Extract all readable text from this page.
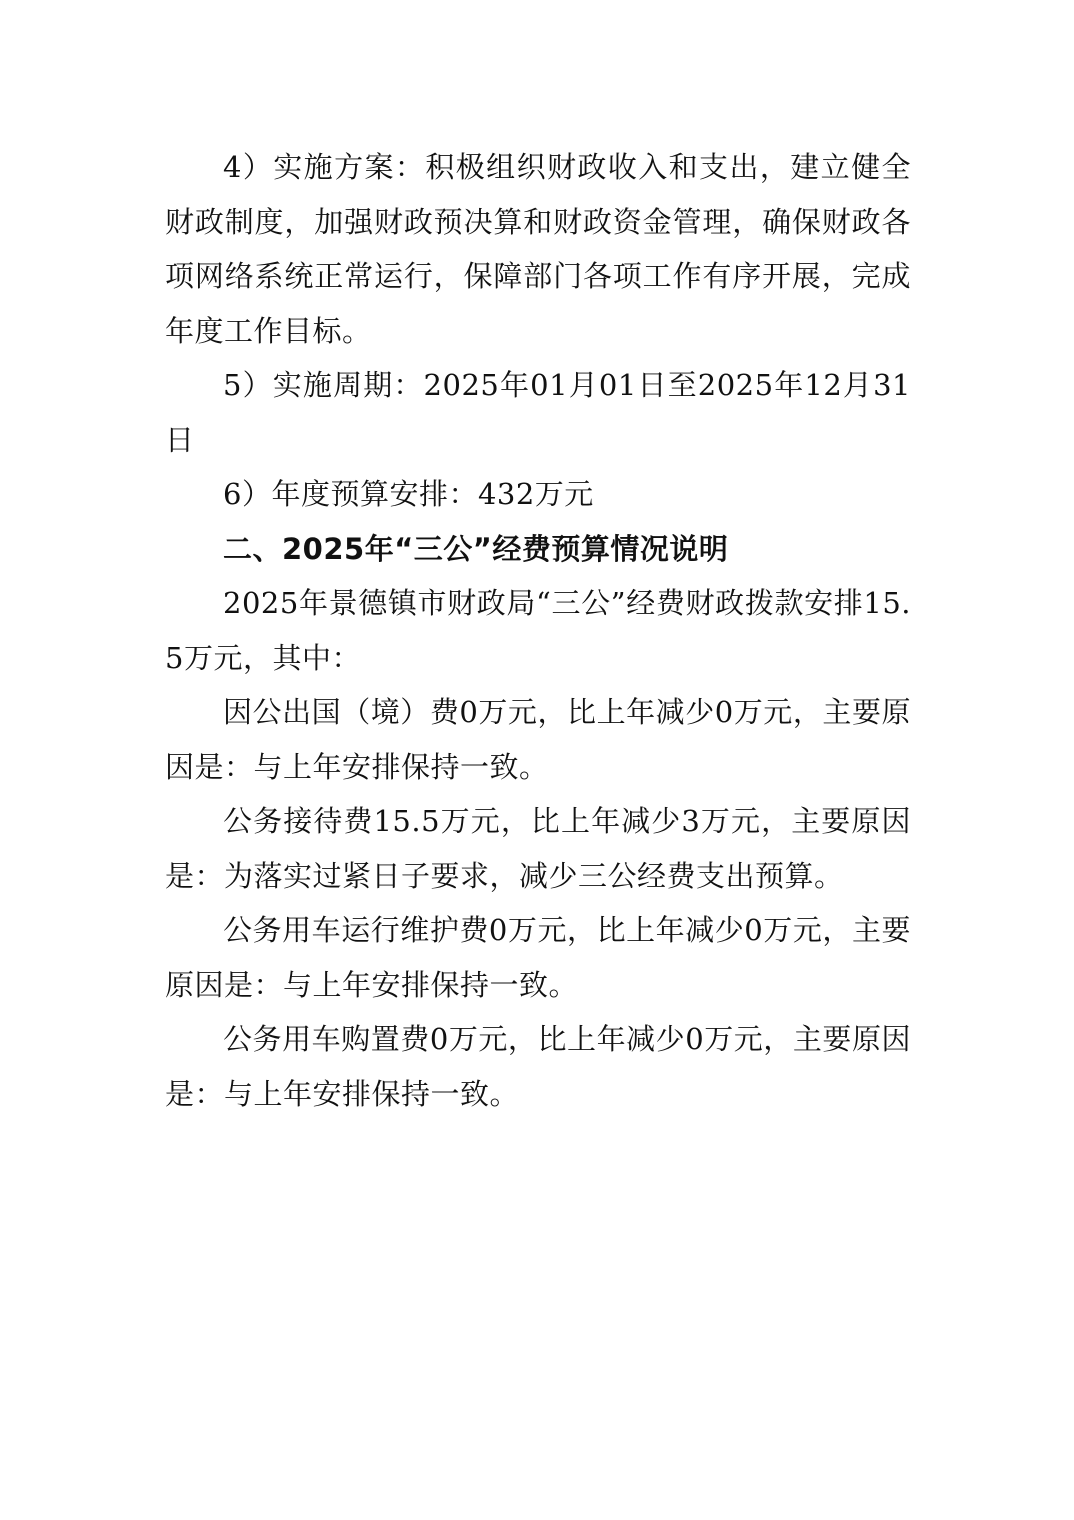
4）实施方案：积极组织财政收入和支出，建立健全财政制度，加强财政预决算和财政资金管理，确保财政各项网络系统正常运行，保障部门各项工作有序开展，完成年度工作目标。

5）实施周期：2025年01月01日至2025年12月31日

6）年度预算安排：432万元

二、2025年“三公”经费预算情况说明

2025年景德镇市财政局“三公”经费财政拨款安排15.5万元，其中：

因公出国（境）费0万元，比上年减少0万元，主要原因是：与上年安排保持一致。

公务接待费15.5万元，比上年减少3万元，主要原因是：为落实过紧日子要求，减少三公经费支出预算。

公务用车运行维护费0万元，比上年减少0万元，主要原因是：与上年安排保持一致。

公务用车购置费0万元，比上年减少0万元，主要原因是：与上年安排保持一致。
